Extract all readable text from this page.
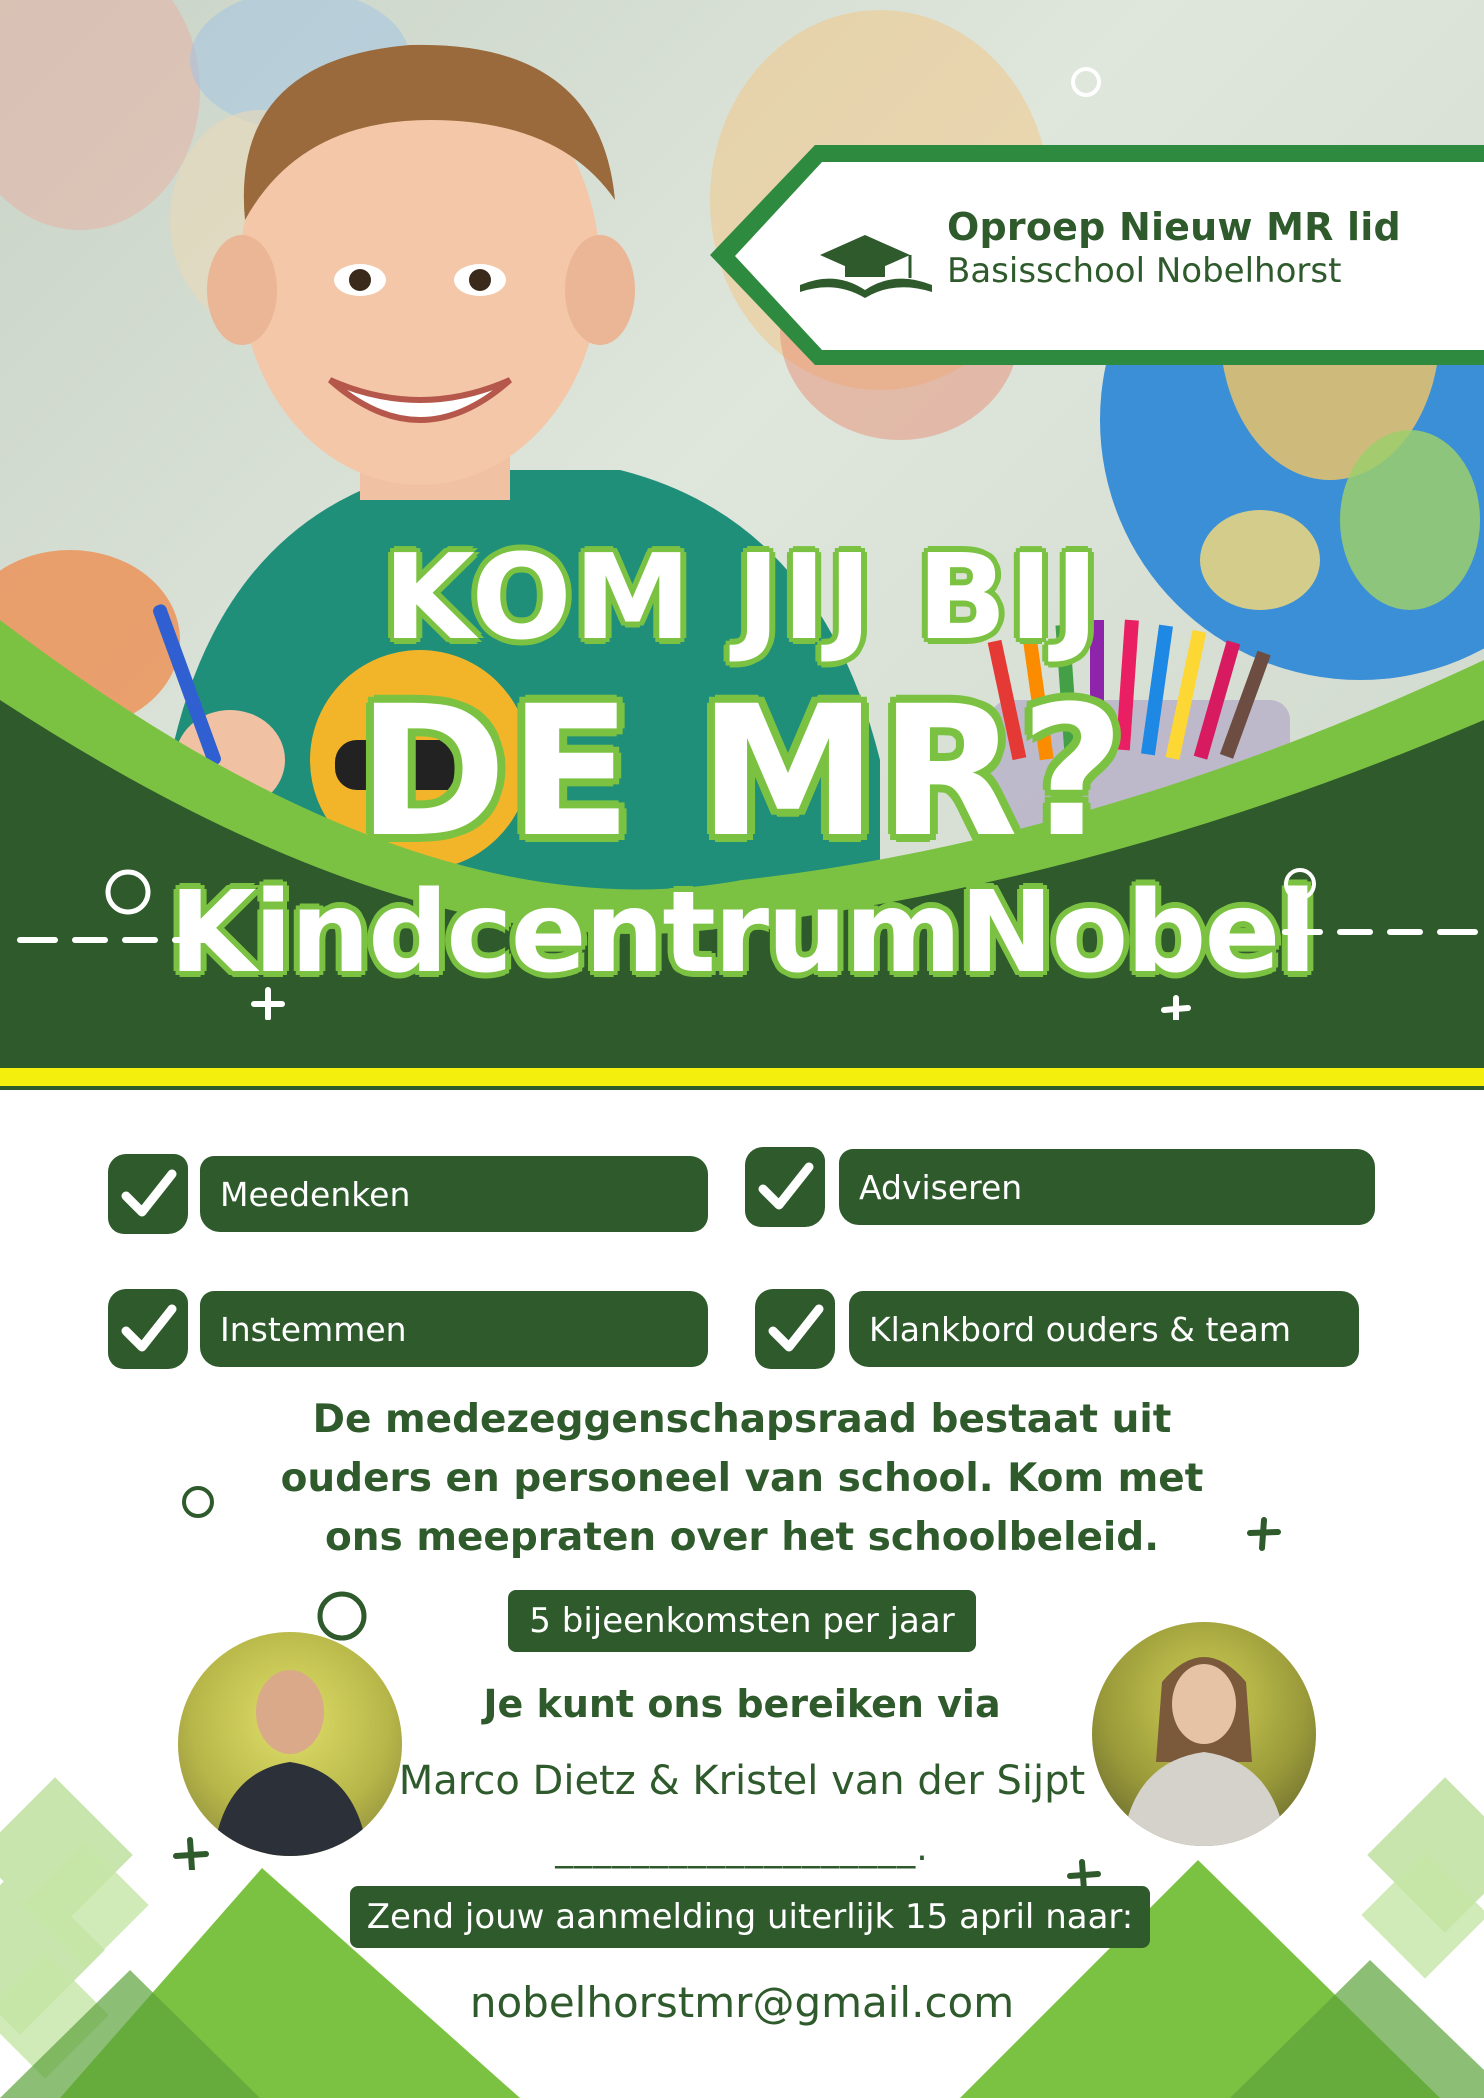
Oproep Nieuw MR lid
Basisschool Nobelhorst
KOM JIJ BIJ
DE MR?
KindcentrumNobel
Meedenken	Adviseren
Instemmen	Klankbord ouders & team
De medezeggenschapsraad bestaat uit
ouders en personeel van school. Kom met
ons meepraten over het schoolbeleid.
5 bijeenkomsten per jaar
Je kunt ons bereiken via
Marco Dietz & Kristel van der Sijpt
___________________.
Zend jouw aanmelding uiterlijk 15 april naar:
nobelhorstmr@gmail.com
